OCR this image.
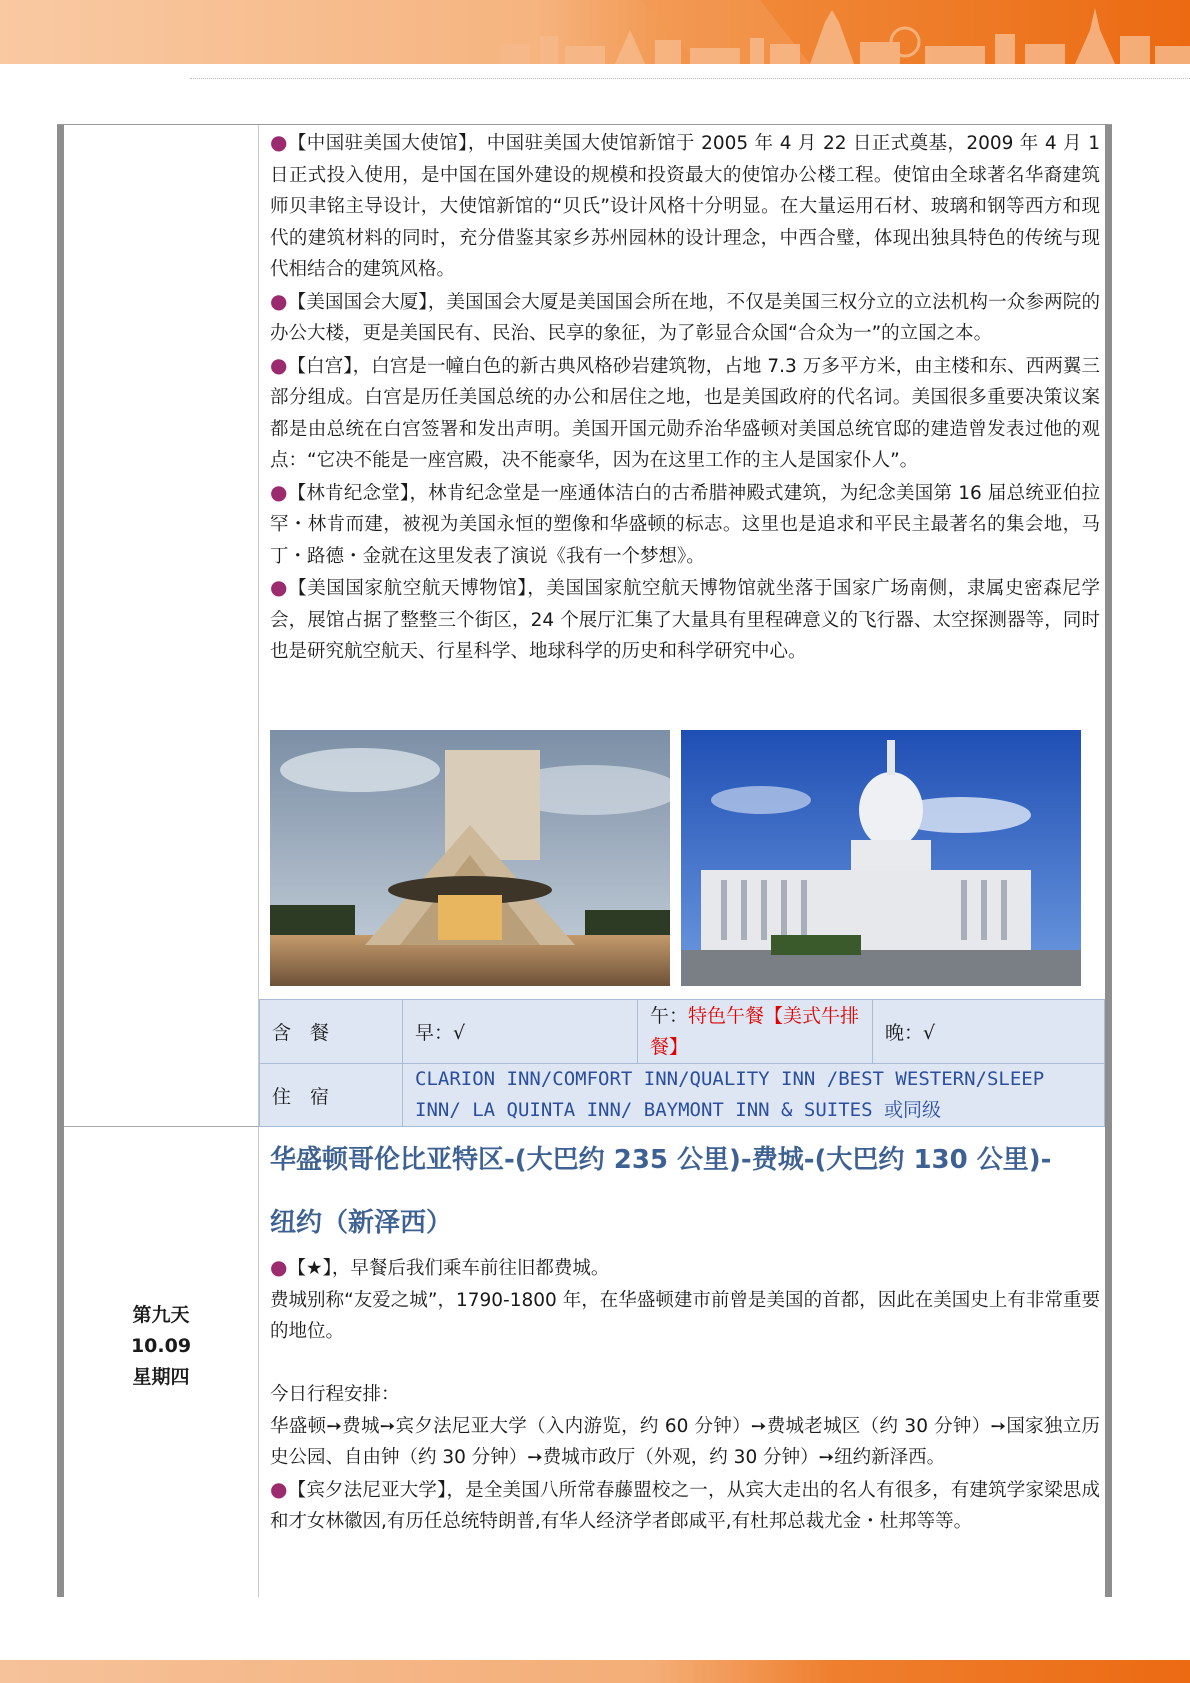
●【中国驻美国大使馆】，中国驻美国大使馆新馆于 2005 年 4 月 22 日正式奠基，2009 年 4 月 1 日正式投入使用，是中国在国外建设的规模和投资最大的使馆办公楼工程。使馆由全球著名华裔建筑师贝聿铭主导设计，大使馆新馆的“贝氏”设计风格十分明显。在大量运用石材、玻璃和钢等西方和现代的建筑材料的同时，充分借鉴其家乡苏州园林的设计理念，中西合璧，体现出独具特色的传统与现代相结合的建筑风格。

●【美国国会大厦】，美国国会大厦是美国国会所在地，不仅是美国三权分立的立法机构一众参两院的办公大楼，更是美国民有、民治、民享的象征，为了彰显合众国“合众为一”的立国之本。

●【白宫】，白宫是一幢白色的新古典风格砂岩建筑物，占地 7.3 万多平方米，由主楼和东、西两翼三部分组成。白宫是历任美国总统的办公和居住之地，也是美国政府的代名词。美国很多重要决策议案都是由总统在白宫签署和发出声明。美国开国元勋乔治华盛顿对美国总统官邸的建造曾发表过他的观点：“它决不能是一座宫殿，决不能豪华，因为在这里工作的主人是国家仆人”。

●【林肯纪念堂】，林肯纪念堂是一座通体洁白的古希腊神殿式建筑，为纪念美国第 16 届总统亚伯拉罕・林肯而建，被视为美国永恒的塑像和华盛顿的标志。这里也是追求和平民主最著名的集会地，马丁・路德・金就在这里发表了演说《我有一个梦想》。

●【美国国家航空航天博物馆】，美国国家航空航天博物馆就坐落于国家广场南侧，隶属史密森尼学会，展馆占据了整整三个街区，24 个展厅汇集了大量具有里程碑意义的飞行器、太空探测器等，同时也是研究航空航天、行星科学、地球科学的历史和科学研究中心。

含　餐	早：√	午：特色午餐【美式牛排餐】	晚：√
住　宿	CLARION INN/COMFORT INN/QUALITY INN /BEST WESTERN/SLEEP INN/ LA QUINTA INN/ BAYMONT INN & SUITES 或同级		
第九天
10.09
星期四
华盛顿哥伦比亚特区-(大巴约 235 公里)-费城-(大巴约 130 公里)-
纽约（新泽西）

●【★】，早餐后我们乘车前往旧都费城。

费城别称“友爱之城”，1790-1800 年，在华盛顿建市前曾是美国的首都，因此在美国史上有非常重要的地位。

今日行程安排：

华盛顿➙费城➙宾夕法尼亚大学（入内游览，约 60 分钟）➙费城老城区（约 30 分钟）➙国家独立历史公园、自由钟（约 30 分钟）➙费城市政厅（外观，约 30 分钟）➙纽约新泽西。

●【宾夕法尼亚大学】，是全美国八所常春藤盟校之一，从宾大走出的名人有很多，有建筑学家梁思成和才女林徽因,有历任总统特朗普,有华人经济学者郎咸平,有杜邦总裁尤金・杜邦等等。
